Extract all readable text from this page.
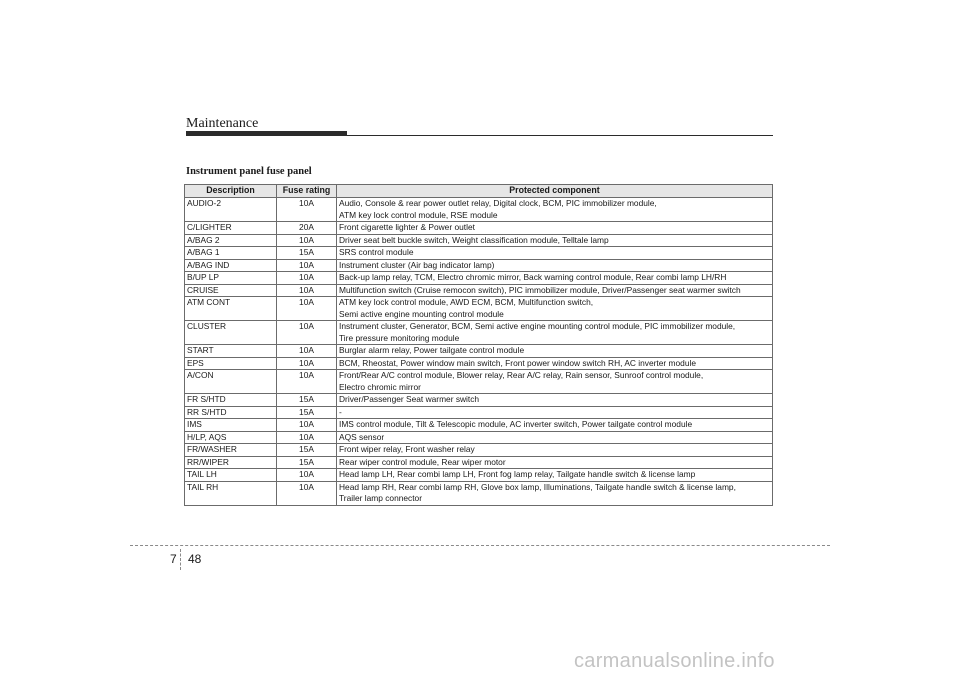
Maintenance
Instrument panel fuse panel
Description	Fuse rating	Protected component
AUDIO-2	10A	Audio, Console & rear power outlet relay, Digital clock, BCM, PIC immobilizer module,
ATM key lock control module, RSE module

C/LIGHTER	20A	Front cigarette lighter & Power outlet

A/BAG 2	10A	Driver seat belt buckle switch, Weight classification module, Telltale lamp

A/BAG 1	15A	SRS control module

A/BAG IND	10A	Instrument cluster (Air bag indicator lamp)

B/UP LP	10A	Back-up lamp relay, TCM, Electro chromic mirror, Back warning control module, Rear combi lamp LH/RH

CRUISE	10A	Multifunction switch (Cruise remocon switch), PIC immobilizer module, Driver/Passenger seat warmer switch

ATM CONT	10A	ATM key lock control module, AWD ECM, BCM, Multifunction switch,
Semi active engine mounting control module

CLUSTER	10A	Instrument cluster, Generator, BCM, Semi active engine mounting control module, PIC immobilizer module,
Tire pressure monitoring module

START	10A	Burglar alarm relay, Power tailgate control module

EPS	10A	BCM, Rheostat, Power window main switch, Front power window switch RH, AC inverter module

A/CON	10A	Front/Rear A/C control module, Blower relay, Rear A/C relay, Rain sensor, Sunroof control module,
Electro chromic mirror

FR S/HTD	15A	Driver/Passenger Seat warmer switch

RR S/HTD	15A	-

IMS	10A	IMS control module, Tilt & Telescopic module, AC inverter switch, Power tailgate control module

H/LP, AQS	10A	AQS sensor

FR/WASHER	15A	Front wiper relay, Front washer relay

RR/WIPER	15A	Rear wiper control module, Rear wiper motor

TAIL LH	10A	Head lamp LH, Rear combi lamp LH, Front fog lamp relay, Tailgate handle switch & license lamp

TAIL RH	10A	Head lamp RH, Rear combi lamp RH, Glove box lamp, Illuminations, Tailgate handle switch & license lamp,
Trailer lamp connector
7 48
carmanualsonline.info
